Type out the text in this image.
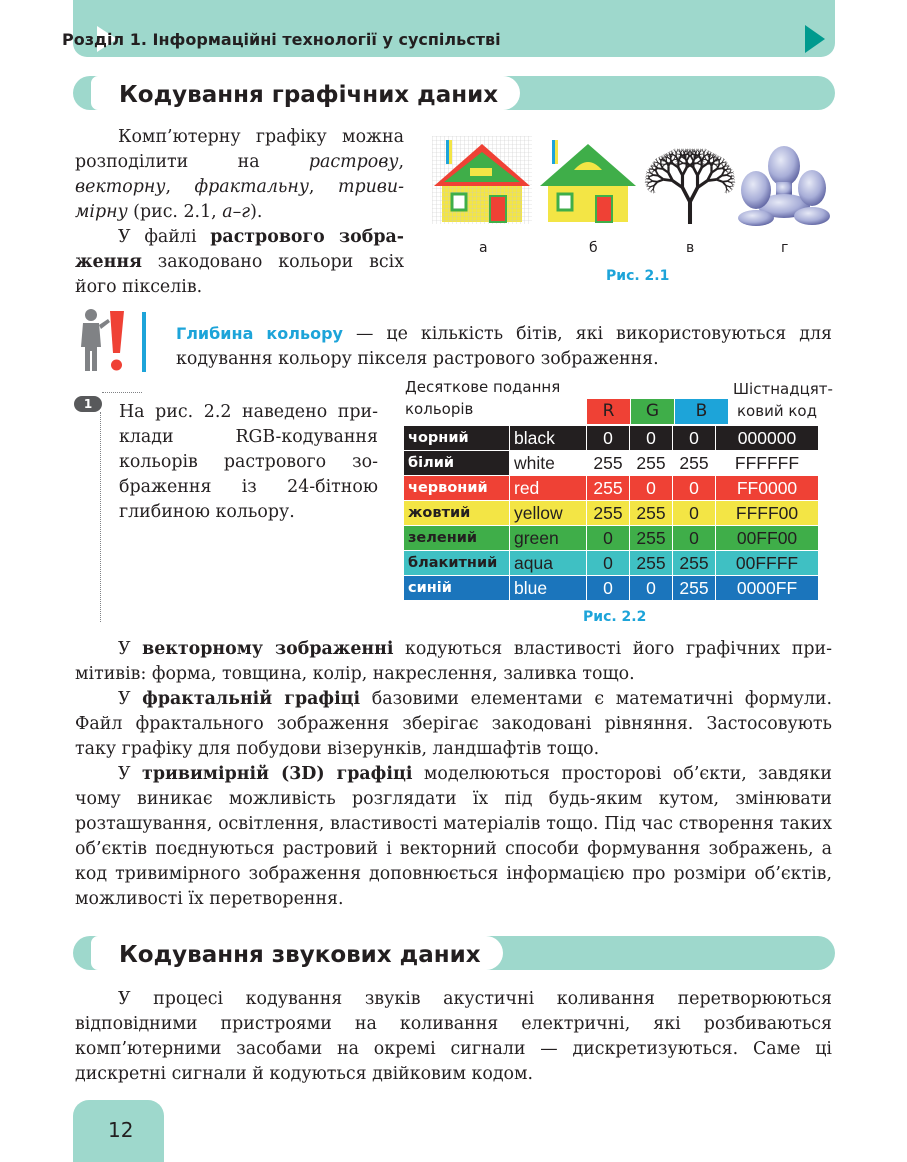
Розділ 1. Інформаційні технології у суспільстві
Кодування графічних даних

Комп’ютерну графіку можна розподілити на растрову, векторну, фрактальну, тривимірну (рис. 2.1, а–г).

У файлі растрового зображення закодовано кольори всіх його пікселів.

а	б	в	г
Рис. 2.1
Глибина кольору — це кількість бітів, які використовуються для кодування кольору пікселя растрового зображення.
1	На рис. 2.2 наведено приклади RGB-кодування кольорів растрового зображення із 24-бітною глибиною кольору.

Десяткове подання
кольорів
Шістнадцят-
ковий код
R	G	B
чорний	black	0	0	0	000000
білий	white	255	255	255	FFFFFF
червоний	red	255	0	0	FF0000
жовтий	yellow	255	255	0	FFFF00
зелений	green	0	255	0	00FF00
блакитний	aqua	0	255	255	00FFFF
синій	blue	0	0	255	0000FF
Рис. 2.2

У векторному зображенні кодуються властивості його графічних примітивів: форма, товщина, колір, накреслення, заливка тощо.

У фрактальній графіці базовими елементами є математичні формули. Файл фрактального зображення зберігає закодовані рівняння. Застосовують таку графіку для побудови візерунків, ландшафтів тощо.

У тривимірній (3D) графіці моделюються просторові об’єкти, завдяки чому виникає можливість розглядати їх під будь-яким кутом, змінювати розташування, освітлення, властивості матеріалів тощо. Під час створення таких об’єктів поєднуються растровий і векторний способи формування зображень, а код тривимірного зображення доповнюється інформацією про розміри об’єктів, можливості їх перетворення.

Кодування звукових даних

У процесі кодування звуків акустичні коливання перетворюються відповідними пристроями на коливання електричні, які розбиваються комп’ютерними засобами на окремі сигнали — дискретизуються. Саме ці дискретні сигнали й кодуються двійковим кодом.

12
